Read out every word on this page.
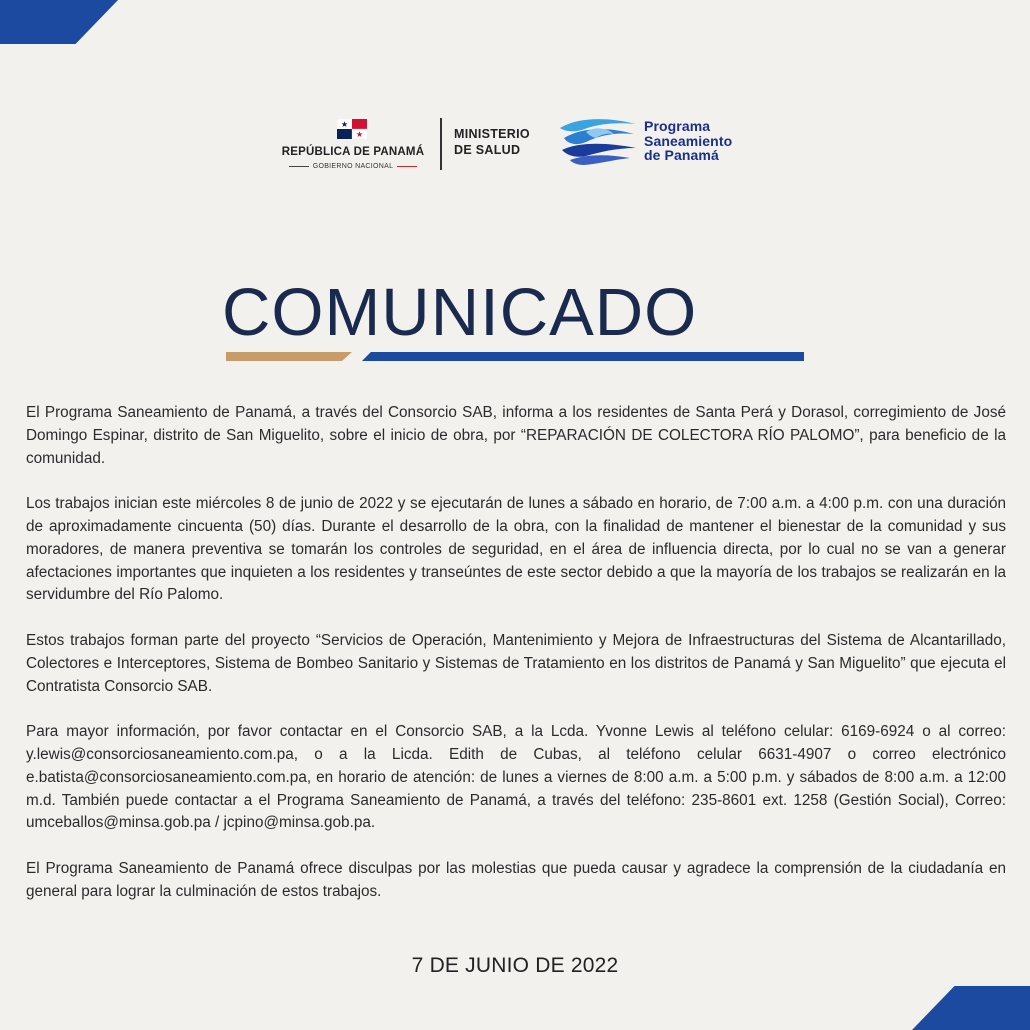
REPÚBLICA DE PANAMÁ
GOBIERNO NACIONAL
MINISTERIO
DE SALUD
Programa
Saneamiento
de Panamá
COMUNICADO

El Programa Saneamiento de Panamá, a través del Consorcio SAB, informa a los residentes de Santa Perá y Dorasol, corregimiento de José Domingo Espinar, distrito de San Miguelito, sobre el inicio de obra, por “REPARACIÓN DE COLECTORA RÍO PALOMO”, para beneficio de la comunidad.

Los trabajos inician este miércoles 8 de junio de 2022 y se ejecutarán de lunes a sábado en horario, de 7:00 a.m. a 4:00 p.m. con una duración de aproximadamente cincuenta (50) días. Durante el desarrollo de la obra, con la finalidad de mantener el bienestar de la comunidad y sus moradores, de manera preventiva se tomarán los controles de seguridad, en el área de influencia directa, por lo cual no se van a generar afectaciones importantes que inquieten a los residentes y transeúntes de este sector debido a que la mayoría de los trabajos se realizarán en la servidumbre del Río Palomo.

Estos trabajos forman parte del proyecto “Servicios de Operación, Mantenimiento y Mejora de Infraestructuras del Sistema de Alcantarillado, Colectores e Interceptores, Sistema de Bombeo Sanitario y Sistemas de Tratamiento en los distritos de Panamá y San Miguelito” que ejecuta el Contratista Consorcio SAB.

Para mayor información, por favor contactar en el Consorcio SAB, a la Lcda. Yvonne Lewis al teléfono celular: 6169-6924 o al correo: y.lewis@consorciosaneamiento.com.pa, o a la Licda. Edith de Cubas, al teléfono celular 6631-4907 o correo electrónico e.batista@consorciosaneamiento.com.pa, en horario de atención: de lunes a viernes de 8:00 a.m. a 5:00 p.m. y sábados de 8:00 a.m. a 12:00 m.d. También puede contactar a el Programa Saneamiento de Panamá, a través del teléfono: 235-8601 ext. 1258 (Gestión Social), Correo: umceballos@minsa.gob.pa / jcpino@minsa.gob.pa.

El Programa Saneamiento de Panamá ofrece disculpas por las molestias que pueda causar y agradece la comprensión de la ciudadanía en general para lograr la culminación de estos trabajos.

7 DE JUNIO DE 2022
